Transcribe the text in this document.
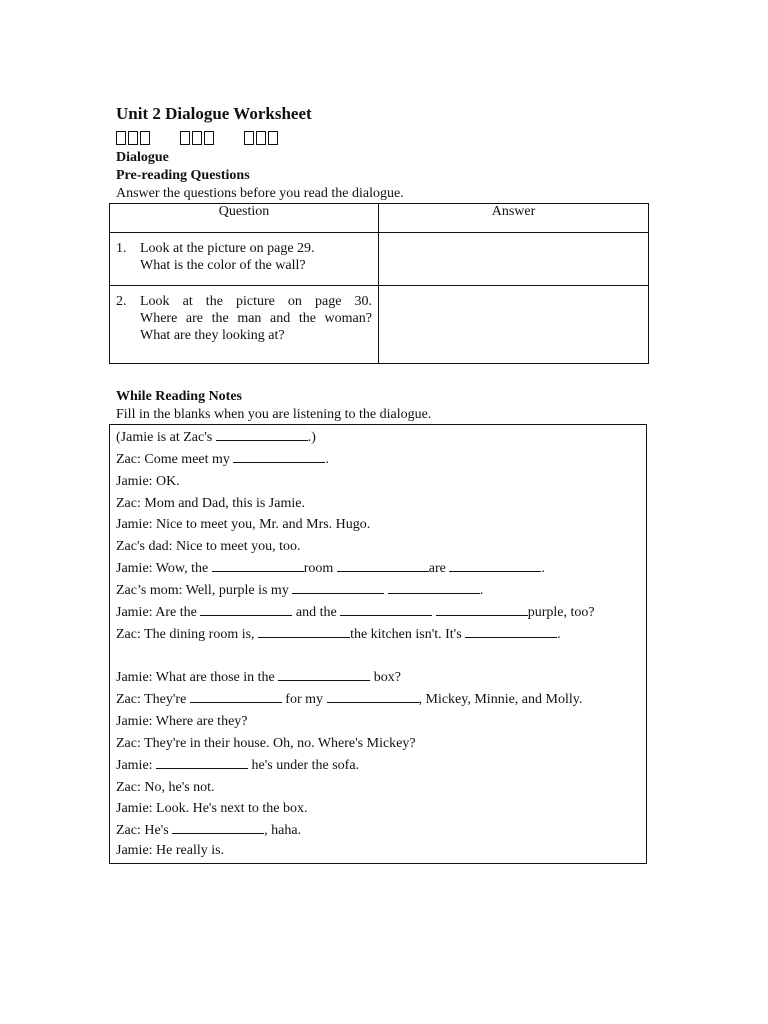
Unit 2 Dialogue Worksheet
Dialogue
Pre-reading Questions
Answer the questions before you read the dialogue.
Question	Answer

1. Look at the picture on page 29.
What is the color of the wall?	

2. Look at the picture on page 30.
Where are the man and the woman?
What are they looking at?	

While Reading Notes
Fill in the blanks when you are listening to the dialogue.
(Jamie is at Zac's	.)
Zac: Come meet my	.
Jamie: OK.
Zac: Mom and Dad, this is Jamie.
Jamie: Nice to meet you, Mr. and Mrs. Hugo.
Zac's dad: Nice to meet you, too.
Jamie: Wow, the	room	are	.
Zac’s mom: Well, purple is my	.
Jamie: Are the	and the	purple, too?
Zac: The dining room is,	the kitchen isn't. It's	.
Jamie: What are those in the	box?
Zac: They're	for my	, Mickey, Minnie, and Molly.
Jamie: Where are they?
Zac: They're in their house. Oh, no. Where's Mickey?
Jamie:	he's under the sofa.
Zac: No, he's not.
Jamie: Look. He's next to the box.
Zac: He's	, haha.
Jamie: He really is.
